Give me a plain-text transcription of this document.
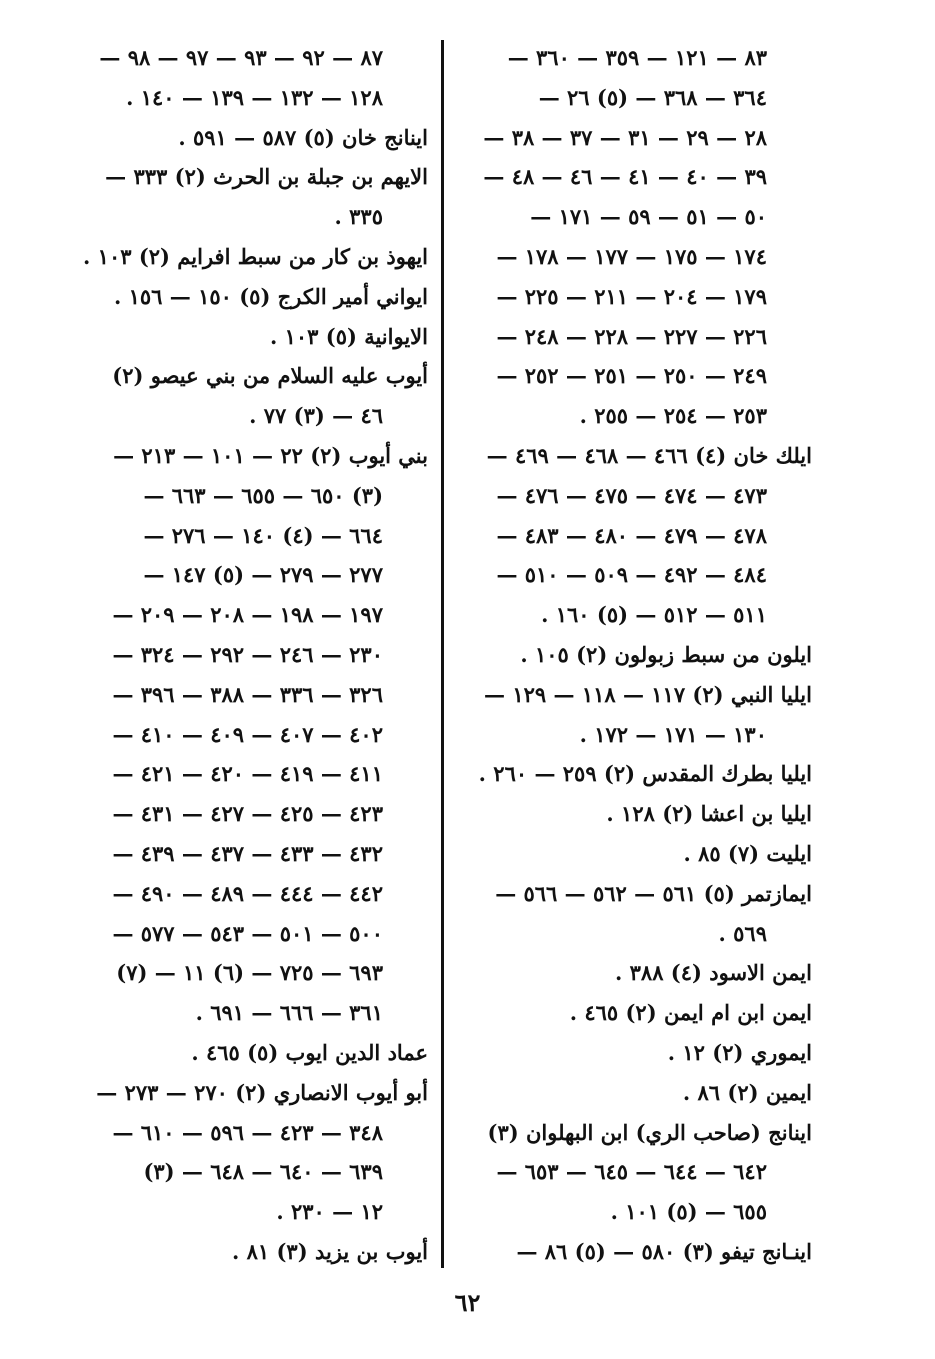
٨٣ — ١٢١ — ٣٥٩ — ٣٦٠ —
٣٦٤ — ٣٦٨ — (٥) ٢٦ —
٢٨ — ٢٩ — ٣١ — ٣٧ — ٣٨ —
٣٩ — ٤٠ — ٤١ — ٤٦ — ٤٨ —
٥٠ — ٥١ — ٥٩ — ١٧١ —
١٧٤ — ١٧٥ — ١٧٧ — ١٧٨ —
١٧٩ — ٢٠٤ — ٢١١ — ٢٢٥ —
٢٢٦ — ٢٢٧ — ٢٢٨ — ٢٤٨ —
٢٤٩ — ٢٥٠ — ٢٥١ — ٢٥٢ —
٢٥٣ — ٢٥٤ — ٢٥٥ .
ايلك خان (٤) ٤٦٦ — ٤٦٨ — ٤٦٩ —
٤٧٣ — ٤٧٤ — ٤٧٥ — ٤٧٦ —
٤٧٨ — ٤٧٩ — ٤٨٠ — ٤٨٣ —
٤٨٤ — ٤٩٢ — ٥٠٩ — ٥١٠ —
٥١١ — ٥١٢ — (٥) ١٦٠ .
ايلون من سبط زبولون (٢) ١٠٥ .
ايليا النبي (٢) ١١٧ — ١١٨ — ١٢٩ —
١٣٠ — ١٧١ — ١٧٢ .
ايليا بطرك المقدس (٢) ٢٥٩ — ٢٦٠ .
ايليا بن اعشا (٢) ١٢٨ .
ايليت (٧) ٨٥ .
ايمازتمر (٥) ٥٦١ — ٥٦٢ — ٥٦٦ —
٥٦٩ .
ايمن الاسود (٤) ٣٨٨ .
ايمن ابن ام ايمن (٢) ٤٦٥ .
ايموري (٢) ١٢ .
ايمين (٢) ٨٦ .
اينانج (صاحب الري) ابن البهلوان (٣)
٦٤٢ — ٦٤٤ — ٦٤٥ — ٦٥٣ —
٦٥٥ — (٥) ١٠١ .
اينـانج تيفو (٣) ٥٨٠ — (٥) ٨٦ —
٨٧ — ٩٢ — ٩٣ — ٩٧ — ٩٨ —
١٢٨ — ١٣٢ — ١٣٩ — ١٤٠ .
اينانج خان (٥) ٥٨٧ — ٥٩١ .
الايهم بن جبلة بن الحرث (٢) ٣٣٣ —
٣٣٥ .
ايهوذ بن كار من سبط افرايم (٢) ١٠٣ .
ايواني أمير الكرج (٥) ١٥٠ — ١٥٦ .
الايوانية (٥) ١٠٣ .
أيوب عليه السلام من بني عيصو (٢)
٤٦ — (٣) ٧٧ .
بني أيوب (٢) ٢٢ — ١٠١ — ٢١٣ —
(٣) ٦٥٠ — ٦٥٥ — ٦٦٣ —
٦٦٤ — (٤) ١٤٠ — ٢٧٦ —
٢٧٧ — ٢٧٩ — (٥) ١٤٧ —
١٩٧ — ١٩٨ — ٢٠٨ — ٢٠٩ —
٢٣٠ — ٢٤٦ — ٢٩٢ — ٣٢٤ —
٣٢٦ — ٣٣٦ — ٣٨٨ — ٣٩٦ —
٤٠٢ — ٤٠٧ — ٤٠٩ — ٤١٠ —
٤١١ — ٤١٩ — ٤٢٠ — ٤٢١ —
٤٢٣ — ٤٢٥ — ٤٢٧ — ٤٣١ —
٤٣٢ — ٤٣٣ — ٤٣٧ — ٤٣٩ —
٤٤٢ — ٤٤٤ — ٤٨٩ — ٤٩٠ —
٥٠٠ — ٥٠١ — ٥٤٣ — ٥٧٧ —
٦٩٣ — ٧٢٥ — (٦) ١١ — (٧)
٣٦١ — ٦٦٦ — ٦٩١ .
عماد الدين ايوب (٥) ٤٦٥ .
أبو أيوب الانصاري (٢) ٢٧٠ — ٢٧٣ —
٣٤٨ — ٤٢٣ — ٥٩٦ — ٦١٠ —
٦٣٩ — ٦٤٠ — ٦٤٨ — (٣)
١٢ — ٢٣٠ .
أيوب بن يزيد (٣) ٨١ .
٦٢
